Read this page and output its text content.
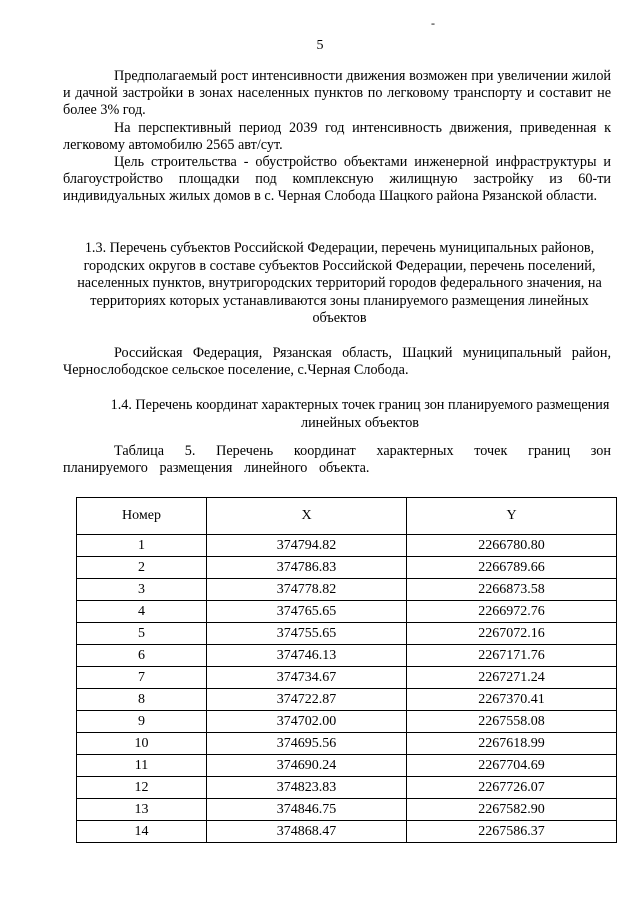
-
5

Предполагаемый рост интенсивности движения возможен при увеличении жилой и дачной застройки в зонах населенных пунктов по легковому транспорту и составит не более 3% год.

На перспективный период 2039 год интенсивность движения, приведенная к легковому автомобилю 2565 авт/сут.

Цель строительства - обустройство объектами инженерной инфраструктуры и благоустройство площадки под комплексную жилищную застройку из 60-ти индивидуальных жилых домов в с. Черная Слобода Шацкого района Рязанской области.

1.3. Перечень субъектов Российской Федерации, перечень муниципальных районов, городских округов в составе субъектов Российской Федерации, перечень поселений, населенных пунктов, внутригородских территорий городов федерального значения, на территориях которых устанавливаются зоны планируемого размещения линейных объектов

Российская Федерация, Рязанская область, Шацкий муниципальный район, Чернослободское сельское поселение, с.Черная Слобода.

1.4. Перечень координат характерных точек границ зон планируемого размещения линейных объектов

Таблица 5. Перечень координат характерных точек границ зон планируемого размещения линейного объекта.

Номер	X	Y
1	374794.82	2266780.80
2	374786.83	2266789.66
3	374778.82	2266873.58
4	374765.65	2266972.76
5	374755.65	2267072.16
6	374746.13	2267171.76
7	374734.67	2267271.24
8	374722.87	2267370.41
9	374702.00	2267558.08
10	374695.56	2267618.99
11	374690.24	2267704.69
12	374823.83	2267726.07
13	374846.75	2267582.90
14	374868.47	2267586.37
